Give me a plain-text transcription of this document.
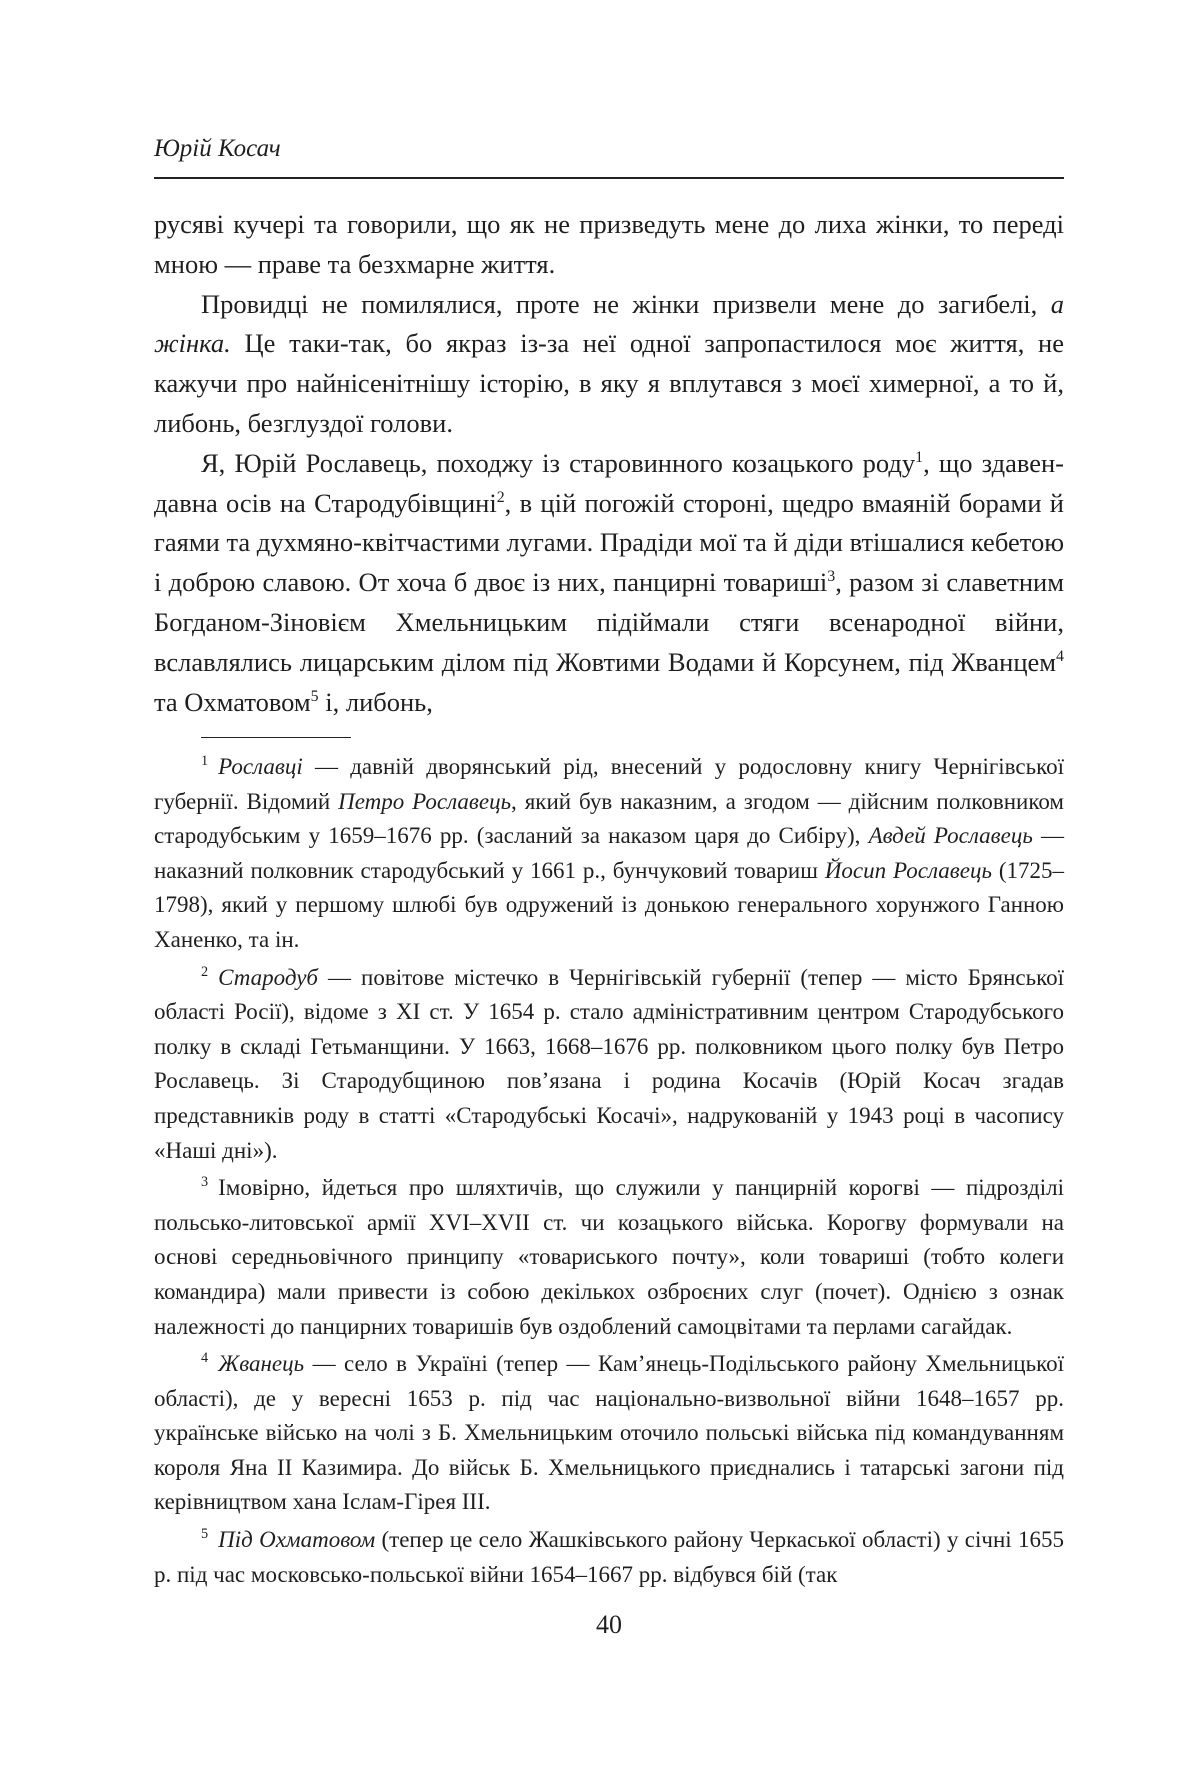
Юрій Косач

русяві кучері та говорили, що як не призведуть мене до лиха жінки, то переді мною — праве та безхмарне життя.

Провидці не помилялися, проте не жінки призвели мене до загибелі, а жінка. Це таки-так, бо якраз із-за неї одної запропастилося моє життя, не кажучи про найнісенітнішу історію, в яку я вплутався з моєї химерної, а то й, либонь, безглуздої голови.

Я, Юрій Рославець, походжу із старовинного козацького роду$^1$, що здавен-давна осів на Стародубівщині$^2$, в цій погожій стороні, щедро вмаяній борами й гаями та духмяно-квітчастими лугами. Прадіди мої та й діди втішалися кебетою і доброю славою. От хоча б двоє із них, панцирні товариші$^3$, разом зі славетним Богданом-Зіновієм Хмельницьким підіймали стяги всенародної війни, вславлялись лицарським ділом під Жовтими Водами й Корсунем, під Жванцем$^4$ та Охматовом$^5$ і, либонь,

$^1$ Рославці — давній дворянський рід, внесений у родословну книгу Чернігівської губернії. Відомий Петро Рославець, який був наказним, а згодом — дійсним полковником стародубським у 1659–1676 рр. (засланий за наказом царя до Сибіру), Авдей Рославець — наказний полковник стародубський у 1661 р., бунчуковий товариш Йосип Рославець (1725–1798), який у першому шлюбі був одружений із донькою генерального хорунжого Ганною Ханенко, та ін.

$^2$ Стародуб — повітове містечко в Чернігівській губернії (тепер — місто Брянської області Росії), відоме з XI ст. У 1654 р. стало адміністративним центром Стародубського полку в складі Гетьманщини. У 1663, 1668–1676 рр. полковником цього полку був Петро Рославець. Зі Стародубщиною пов’язана і родина Косачів (Юрій Косач згадав представників роду в статті «Стародубські Косачі», надрукованій у 1943 році в часопису «Наші дні»).

$^3$ Імовірно, йдеться про шляхтичів, що служили у панцирній корогві — підрозділі польсько-литовської армії XVI–XVII ст. чи козацького війська. Корогву формували на основі середньовічного принципу «товариського почту», коли товариші (тобто колеги командира) мали привести із собою декількох озброєних слуг (почет). Однією з ознак належності до панцирних товаришів був оздоблений самоцвітами та перлами сагайдак.

$^4$ Жванець — село в Україні (тепер — Кам’янець-Подільського району Хмельницької області), де у вересні 1653 р. під час національно-визвольної війни 1648–1657 рр. українське військо на чолі з Б. Хмельницьким оточило польські війська під командуванням короля Яна II Казимира. До військ Б. Хмельницького приєднались і татарські загони під керівництвом хана Іслам-Гірея III.

$^5$ Під Охматовом (тепер це село Жашківського району Черкаської області) у січні 1655 р. під час московсько-польської війни 1654–1667 рр. відбувся бій (так

40
